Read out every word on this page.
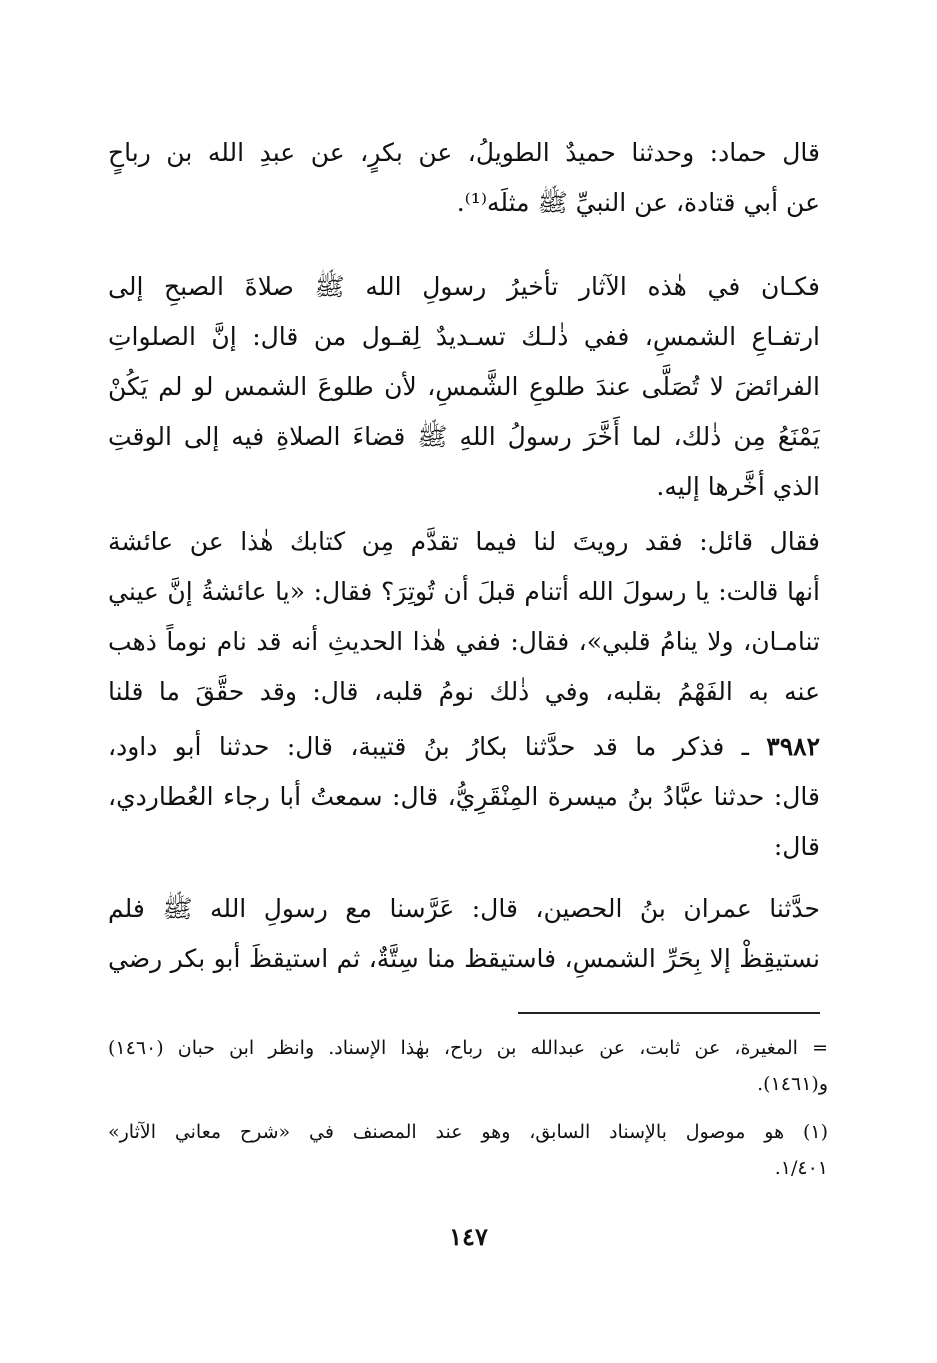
قال حماد: وحدثنا حميدٌ الطويلُ، عن بكرٍ، عن عبدِ الله بن رباحٍ
عن أبي قتادة، عن النبيِّ ﷺ مثلَه⁽¹⁾.
فكـان في هٰذه الآثار تأخيرُ رسولِ الله ﷺ صلاةَ الصبحِ إلى
ارتفـاعِ الشمسِ، ففي ذٰلـك تسـديدٌ لِقـول من قال: إنَّ الصلواتِ
الفرائضَ لا تُصَلَّى عندَ طلوعِ الشَّمسِ، لأن طلوعَ الشمس لو لم يَكُنْ
يَمْنَعُ مِن ذٰلك، لما أَخَّرَ رسولُ اللهِ ﷺ قضاءَ الصلاةِ فيه إلى الوقتِ
الذي أخَّرها إليه.
فقال قائل: فقد رويتَ لنا فيما تقدَّم مِن كتابك هٰذا عن عائشة
أنها قالت: يا رسولَ الله أتنام قبلَ أن تُوتِرَ؟ فقال: «يا عائشةُ إنَّ عيني
تنامـان، ولا ينامُ قلبي»، فقال: ففي هٰذا الحديثِ أنه قد نام نوماً ذهب
عنه به الفَهْمُ بقلبه، وفي ذٰلك نومُ قلبه، قال: وقد حقَّقَ ما قلنا
٣٩٨٢ ـ فذكر ما قد حدَّثنا بكارُ بنُ قتيبة، قال: حدثنا أبو داود،
قال: حدثنا عبَّادُ بنُ ميسرة المِنْقَرِيُّ، قال: سمعتُ أبا رجاء العُطاردي،
قال:
حدَّثنا عمران بنُ الحصين، قال: عَرَّسنا مع رسولِ الله ﷺ فلم
نستيقِظْ إلا بِحَرِّ الشمسِ، فاستيقظ منا سِتَّةٌ، ثم استيقظَ أبو بكر رضي
= المغيرة، عن ثابت، عن عبدالله بن رباح، بهٰذا الإسناد. وانظر ابن حبان (١٤٦٠)
و(١٤٦١).
(١) هو موصول بالإسناد السابق، وهو عند المصنف في «شرح معاني الآثار»
١/٤٠١.
١٤٧
